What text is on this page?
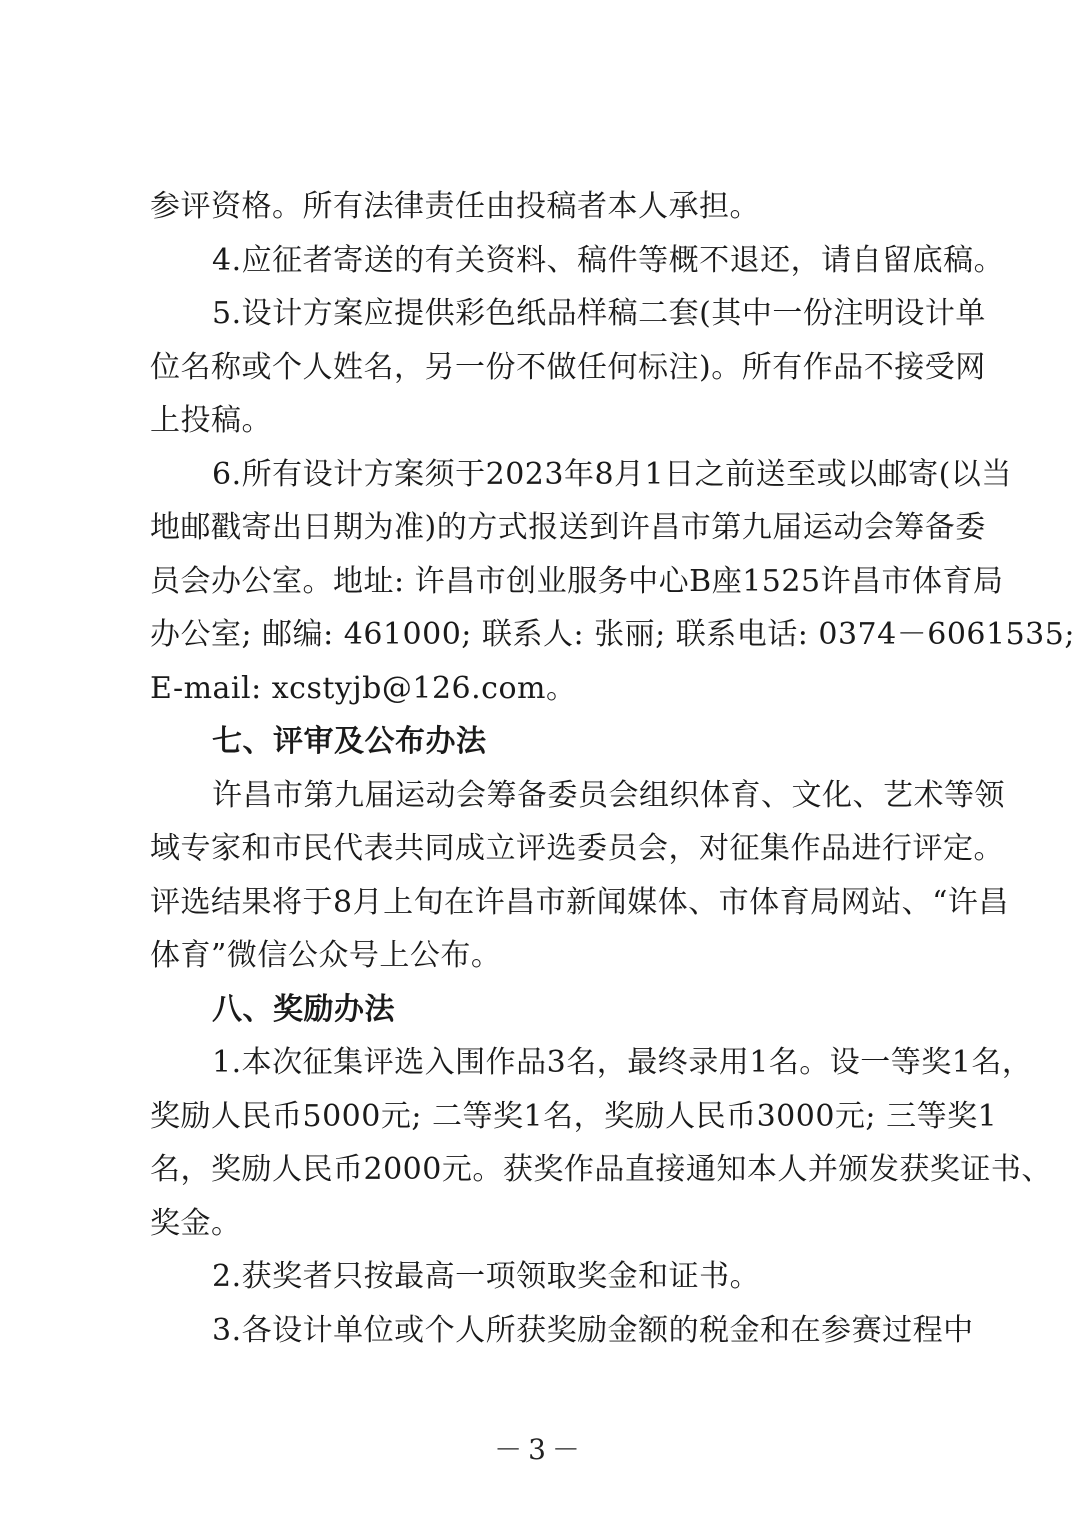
参评资格。所有法律责任由投稿者本人承担。
4.应征者寄送的有关资料、稿件等概不退还，请自留底稿。
5.设计方案应提供彩色纸品样稿二套(其中一份注明设计单
位名称或个人姓名，另一份不做任何标注)。所有作品不接受网
上投稿。
6.所有设计方案须于2023年8月1日之前送至或以邮寄(以当
地邮戳寄出日期为准)的方式报送到许昌市第九届运动会筹备委
员会办公室。地址: 许昌市创业服务中心B座1525许昌市体育局
办公室; 邮编: 461000; 联系人: 张丽; 联系电话: 0374－6061535;
E-mail: xcstyjb@126.com。
七、评审及公布办法
许昌市第九届运动会筹备委员会组织体育、文化、艺术等领
域专家和市民代表共同成立评选委员会，对征集作品进行评定。
评选结果将于8月上旬在许昌市新闻媒体、市体育局网站、“许昌
体育”微信公众号上公布。
八、奖励办法
1.本次征集评选入围作品3名，最终录用1名。设一等奖1名，
奖励人民币5000元; 二等奖1名，奖励人民币3000元; 三等奖1
名，奖励人民币2000元。获奖作品直接通知本人并颁发获奖证书、
奖金。
2.获奖者只按最高一项领取奖金和证书。
3.各设计单位或个人所获奖励金额的税金和在参赛过程中
－3－
